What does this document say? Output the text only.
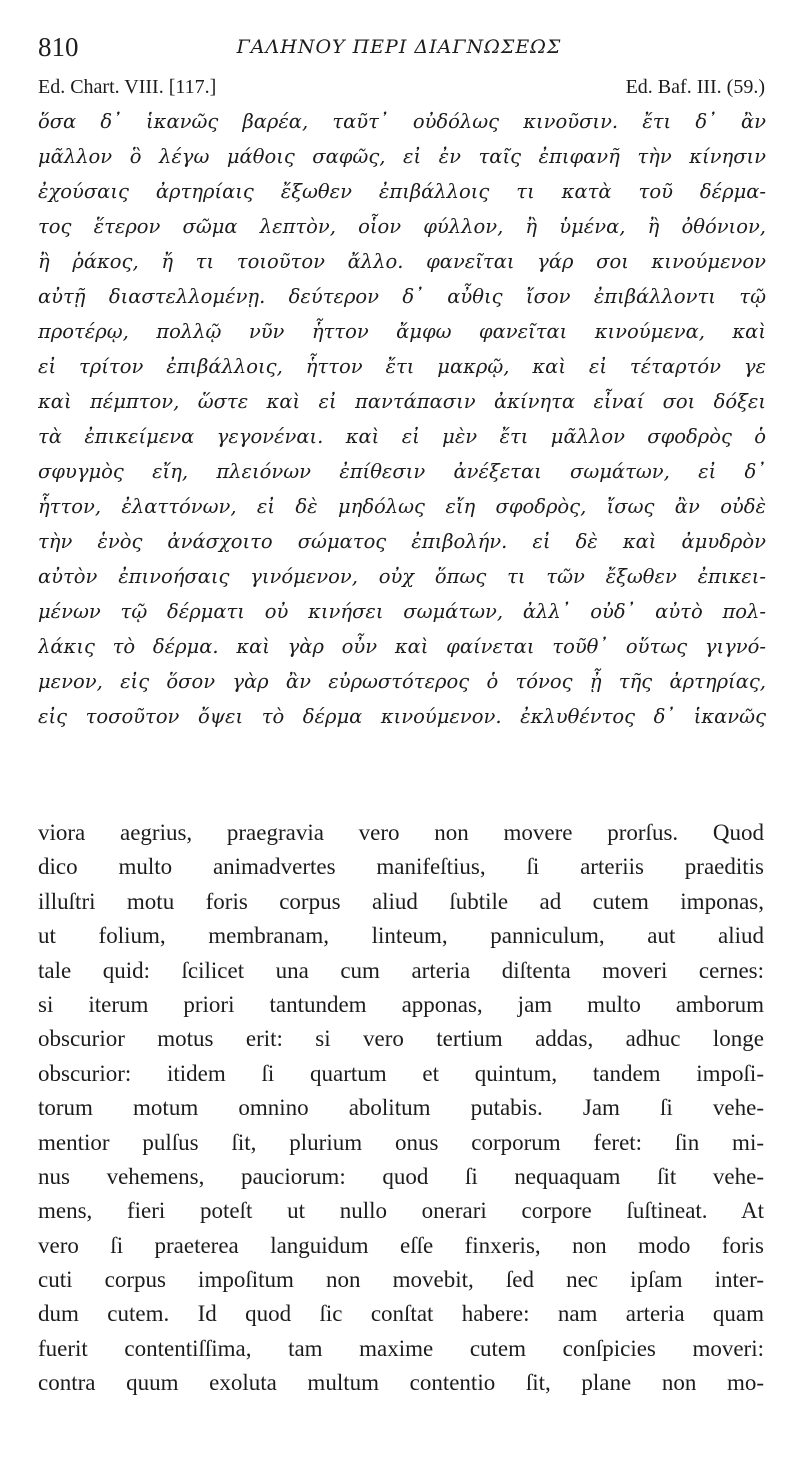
810	ΓΑΛΗΝΟΥ ΠΕΡΙ ΔΙΑΓΝΩΣΕΩΣ
Ed. Chart. VIII. [117.]	Ed. Baf. III. (59.)
ὅσα δ᾽ ἱκανῶς βαρέα, ταῦτ᾽ οὐδόλως κινοῦσιν. ἔτι δ᾽ ἂν
μᾶλλον ὃ λέγω μάθοις σαφῶς, εἰ ἐν ταῖς ἐπιφανῆ τὴν κίνησιν
ἐχούσαις ἀρτηρίαις ἔξωθεν ἐπιβάλλοις τι κατὰ τοῦ δέρμα-
τος ἕτερον σῶμα λεπτὸν, οἷον φύλλον, ἢ ὑμένα, ἢ ὀθόνιον,
ἢ ῥάκος, ἤ τι τοιοῦτον ἄλλο. φανεῖται γάρ σοι κινούμενον
αὐτῇ διαστελλομένῃ. δεύτερον δ᾽ αὖθις ἴσον ἐπιβάλλοντι τῷ
προτέρῳ, πολλῷ νῦν ἧττον ἄμφω φανεῖται κινούμενα, καὶ
εἰ τρίτον ἐπιβάλλοις, ἧττον ἔτι μακρῷ, καὶ εἰ τέταρτόν γε
καὶ πέμπτον, ὥστε καὶ εἰ παντάπασιν ἀκίνητα εἶναί σοι δόξει
τὰ ἐπικείμενα γεγονέναι. καὶ εἰ μὲν ἔτι μᾶλλον σφοδρὸς ὁ
σφυγμὸς εἴη, πλειόνων ἐπίθεσιν ἀνέξεται σωμάτων, εἰ δ᾽
ἧττον, ἐλαττόνων, εἰ δὲ μηδόλως εἴη σφοδρὸς, ἴσως ἂν οὐδὲ
τὴν ἑνὸς ἀνάσχοιτο σώματος ἐπιβολήν. εἰ δὲ καὶ ἀμυδρὸν
αὐτὸν ἐπινοήσαις γινόμενον, οὐχ ὅπως τι τῶν ἔξωθεν ἐπικει-
μένων τῷ δέρματι οὐ κινήσει σωμάτων, ἀλλ᾽ οὐδ᾽ αὐτὸ πολ-
λάκις τὸ δέρμα. καὶ γὰρ οὖν καὶ φαίνεται τοῦθ᾽ οὕτως γιγνό-
μενον, εἰς ὅσον γὰρ ἂν εὐρωστότερος ὁ τόνος ᾖ τῆς ἀρτηρίας,
εἰς τοσοῦτον ὄψει τὸ δέρμα κινούμενον. ἐκλυθέντος δ᾽ ἱκανῶς
viora aegrius, praegravia vero non movere prorſus. Quod
dico multo animadvertes manifeſtius, ſi arteriis praeditis
illuſtri motu foris corpus aliud ſubtile ad cutem imponas,
ut folium, membranam, linteum, panniculum, aut aliud
tale quid: ſcilicet una cum arteria diſtenta moveri cernes:
si iterum priori tantundem apponas, jam multo amborum
obscurior motus erit: si vero tertium addas, adhuc longe
obscurior: itidem ſi quartum et quintum, tandem impoſi-
torum motum omnino abolitum putabis. Jam ſi vehe-
mentior pulſus ſit, plurium onus corporum feret: ſin mi-
nus vehemens, pauciorum: quod ſi nequaquam ſit vehe-
mens, fieri poteſt ut nullo onerari corpore ſuſtineat. At
vero ſi praeterea languidum eſſe finxeris, non modo foris
cuti corpus impoſitum non movebit, ſed nec ipſam inter-
dum cutem. Id quod ſic conſtat habere: nam arteria quam
fuerit contentiſſima, tam maxime cutem conſpicies moveri:
contra quum exoluta multum contentio ſit, plane non mo-
